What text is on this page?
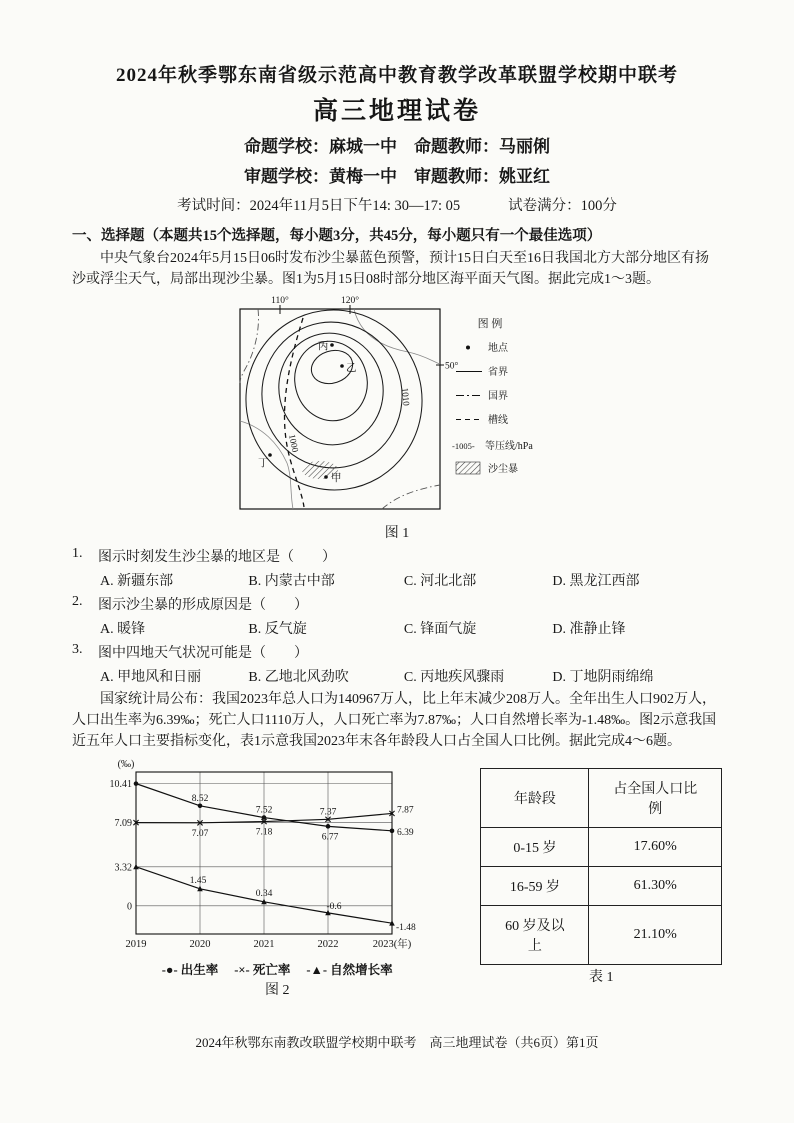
2024年秋季鄂东南省级示范高中教育教学改革联盟学校期中联考
高三地理试卷
命题学校：麻城一中　命题教师：马丽俐
审题学校：黄梅一中　审题教师：姚亚红
考试时间：2024年11月5日下午14: 30—17: 05	试卷满分：100分
一、选择题（本题共15个选择题，每小题3分，共45分，每小题只有一个最佳选项）

中央气象台2024年5月15日06时发布沙尘暴蓝色预警，预计15日白天至16日我国北方大部分地区有扬沙或浮尘天气，局部出现沙尘暴。图1为5月15日08时部分地区海平面天气图。据此完成1～3题。

110°	120°
50°
1000
1010
丙
乙
甲
丁
图 例
地点
省界
国界
槽线
-1005- 等压线/hPa
沙尘暴
图 1
1.	图示时刻发生沙尘暴的地区是（　　）
A. 新疆东部	B. 内蒙古中部	C. 河北北部	D. 黑龙江西部
2.	图示沙尘暴的形成原因是（　　）
A. 暖锋	B. 反气旋	C. 锋面气旋	D. 准静止锋
3.	图中四地天气状况可能是（　　）
A. 甲地风和日丽	B. 乙地北风劲吹	C. 丙地疾风骤雨	D. 丁地阴雨绵绵

国家统计局公布：我国2023年总人口为140967万人，比上年末减少208万人。全年出生人口902万人，人口出生率为6.39‰；死亡人口1110万人，人口死亡率为7.87‰；人口自然增长率为-1.48‰。图2示意我国近五年人口主要指标变化，表1示意我国2023年末各年龄段人口占全国人口比例。据此完成4～6题。

10.41
7.09
3.32
0
(‰)
2019	2020	2021	2022	2023(年)
8.52
7.52
6.77	6.39
7.07	7.18
7.37	7.87
1.45
0.34
-0.6
-1.48
-●- 出生率 -×- 死亡率 -▲- 自然增长率
图 2
年龄段	占全国人口比例
0-15 岁	17.60%
16-59 岁	61.30%
60 岁及以上	21.10%
表 1
2024年秋鄂东南教改联盟学校期中联考　高三地理试卷（共6页）第1页
